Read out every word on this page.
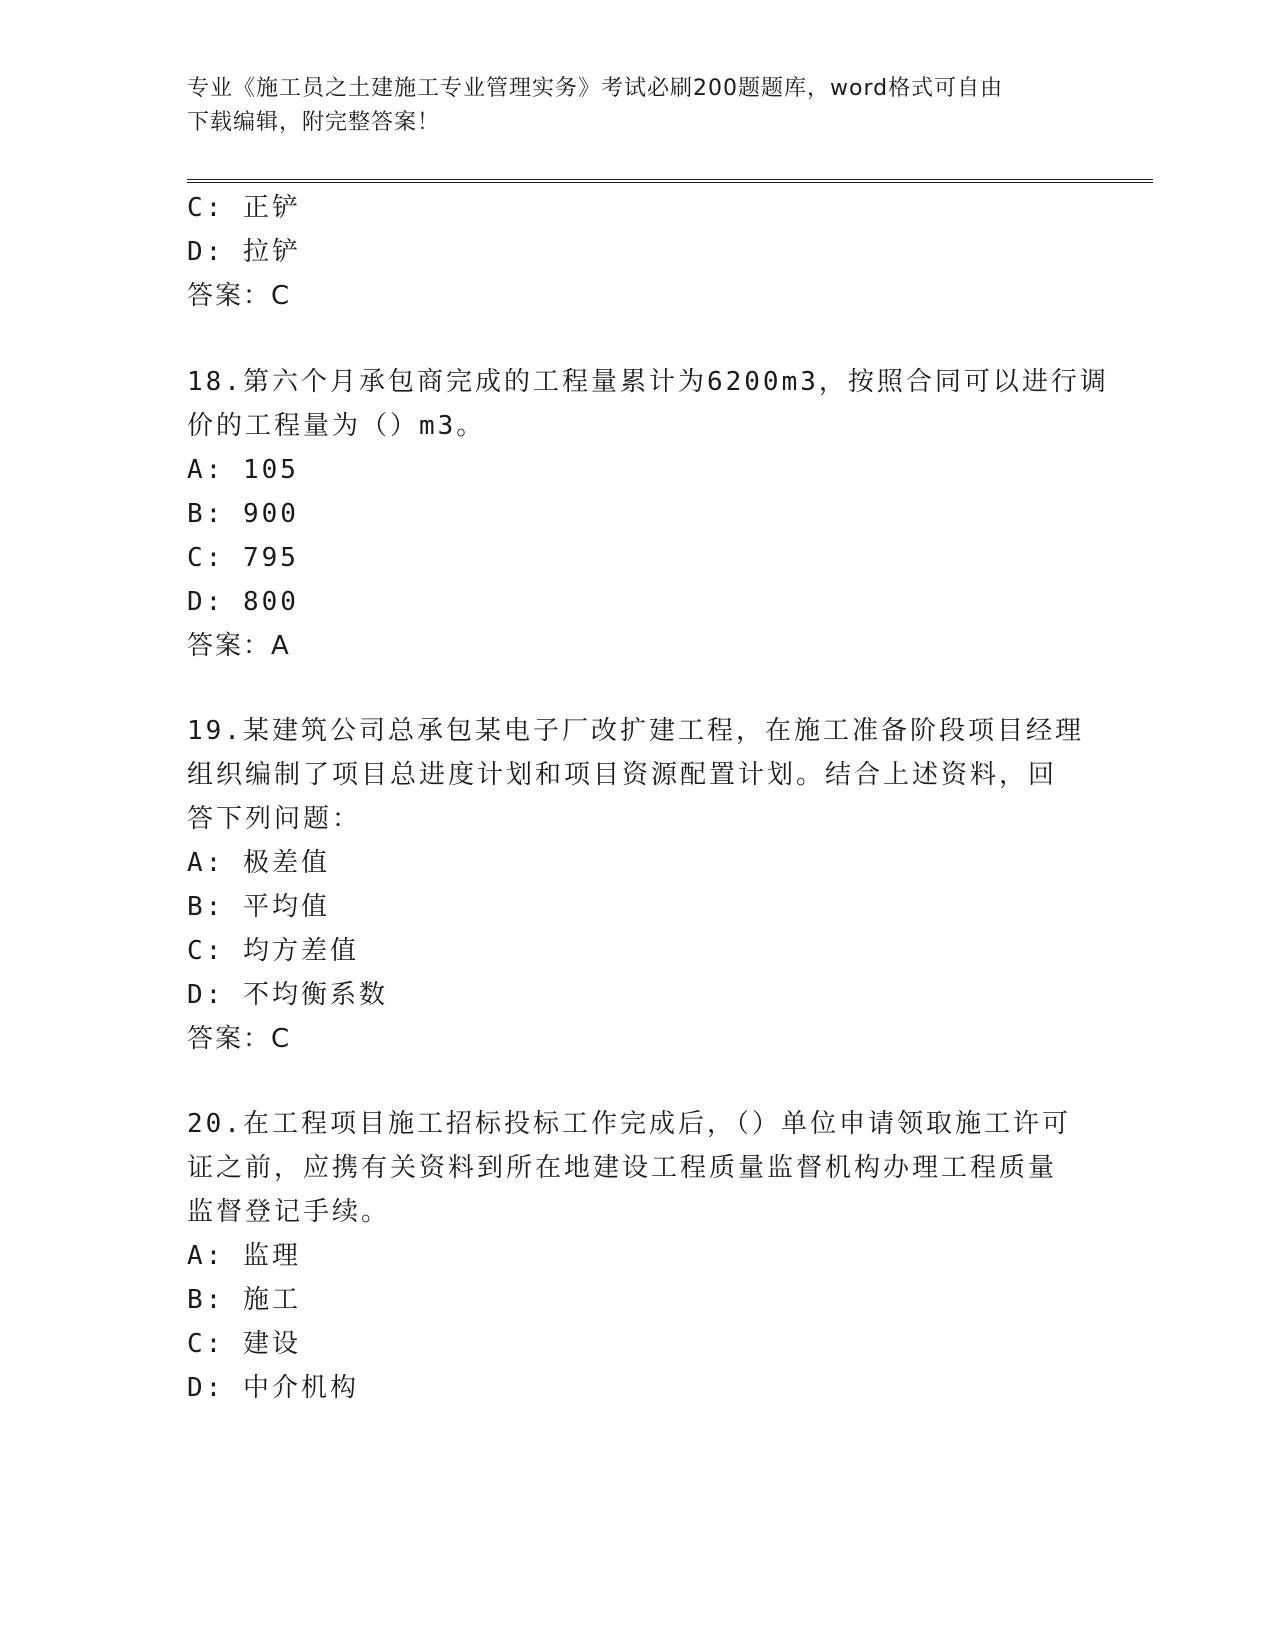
专业《施工员之土建施工专业管理实务》考试必刷200题题库，word格式可自由
下载编辑，附完整答案！
C: 正铲
D: 拉铲
答案：C
18.第六个月承包商完成的工程量累计为6200m3，按照合同可以进行调
价的工程量为（）m3。
A: 105
B: 900
C: 795
D: 800
答案：A
19.某建筑公司总承包某电子厂改扩建工程，在施工准备阶段项目经理
组织编制了项目总进度计划和项目资源配置计划。结合上述资料，回
答下列问题：
A: 极差值
B: 平均值
C: 均方差值
D: 不均衡系数
答案：C
20.在工程项目施工招标投标工作完成后，（）单位申请领取施工许可
证之前，应携有关资料到所在地建设工程质量监督机构办理工程质量
监督登记手续。
A: 监理
B: 施工
C: 建设
D: 中介机构
